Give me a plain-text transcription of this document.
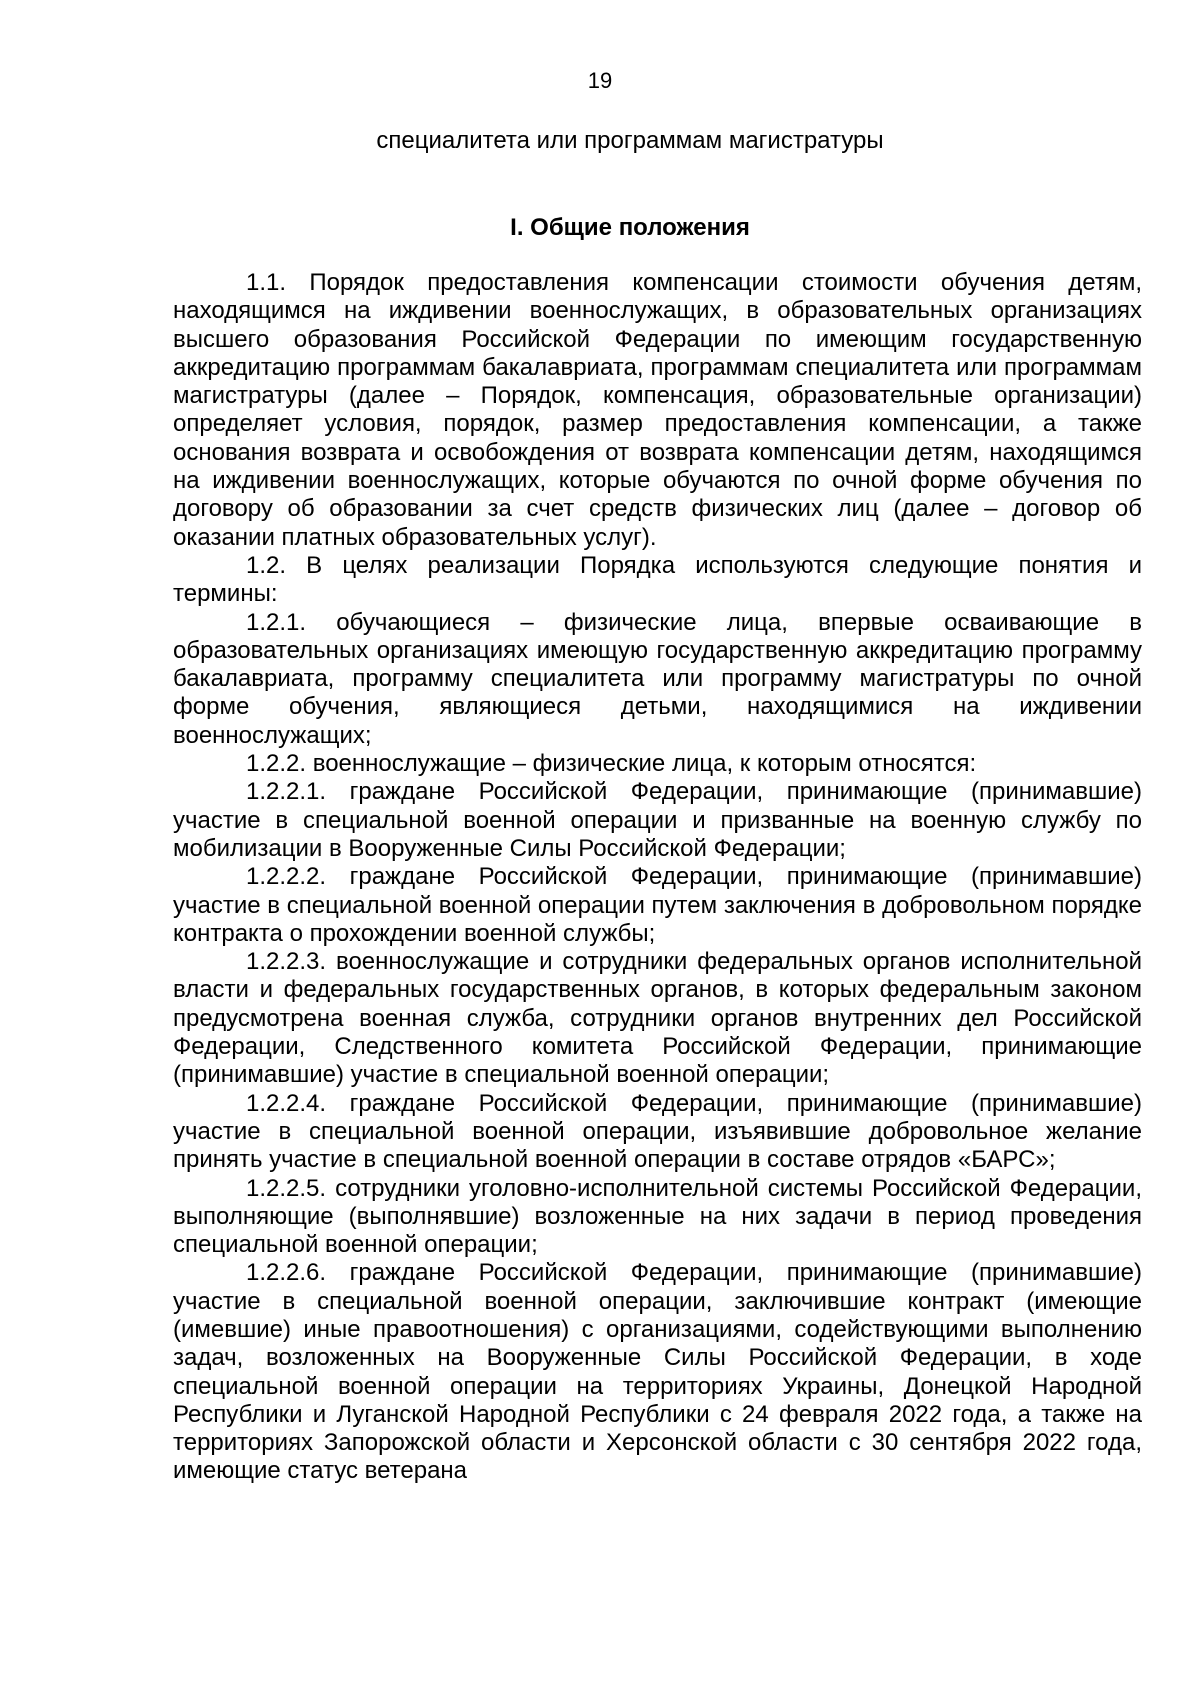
19
специалитета или программам магистратуры
I. Общие положения

1.1. Порядок предоставления компенсации стоимости обучения детям, находящимся на иждивении военнослужащих, в образовательных организациях высшего образования Российской Федерации по имеющим государственную аккредитацию программам бакалавриата, программам специалитета или программам магистратуры (далее – Порядок, компенсация, образовательные организации) определяет условия, порядок, размер предоставления компенсации, а также основания возврата и освобождения от возврата компенсации детям, находящимся на иждивении военнослужащих, которые обучаются по очной форме обучения по договору об образовании за счет средств физических лиц (далее – договор об оказании платных образовательных услуг).

1.2. В целях реализации Порядка используются следующие понятия и термины:

1.2.1. обучающиеся – физические лица, впервые осваивающие в образовательных организациях имеющую государственную аккредитацию программу бакалавриата, программу специалитета или программу магистратуры по очной форме обучения, являющиеся детьми, находящимися на иждивении военнослужащих;

1.2.2. военнослужащие – физические лица, к которым относятся:

1.2.2.1. граждане Российской Федерации, принимающие (принимавшие) участие в специальной военной операции и призванные на военную службу по мобилизации в Вооруженные Силы Российской Федерации;

1.2.2.2. граждане Российской Федерации, принимающие (принимавшие) участие в специальной военной операции путем заключения в добровольном порядке контракта о прохождении военной службы;

1.2.2.3. военнослужащие и сотрудники федеральных органов исполнительной власти и федеральных государственных органов, в которых федеральным законом предусмотрена военная служба, сотрудники органов внутренних дел Российской Федерации, Следственного комитета Российской Федерации, принимающие (принимавшие) участие в специальной военной операции;

1.2.2.4. граждане Российской Федерации, принимающие (принимавшие) участие в специальной военной операции, изъявившие добровольное желание принять участие в специальной военной операции в составе отрядов «БАРС»;

1.2.2.5. сотрудники уголовно-исполнительной системы Российской Федерации, выполняющие (выполнявшие) возложенные на них задачи в период проведения специальной военной операции;

1.2.2.6. граждане Российской Федерации, принимающие (принимавшие) участие в специальной военной операции, заключившие контракт (имеющие (имевшие) иные правоотношения) с организациями, содействующими выполнению задач, возложенных на Вооруженные Силы Российской Федерации, в ходе специальной военной операции на территориях Украины, Донецкой Народной Республики и Луганской Народной Республики с 24 февраля 2022 года, а также на территориях Запорожской области и Херсонской области с 30 сентября 2022 года, имеющие статус ветерана
